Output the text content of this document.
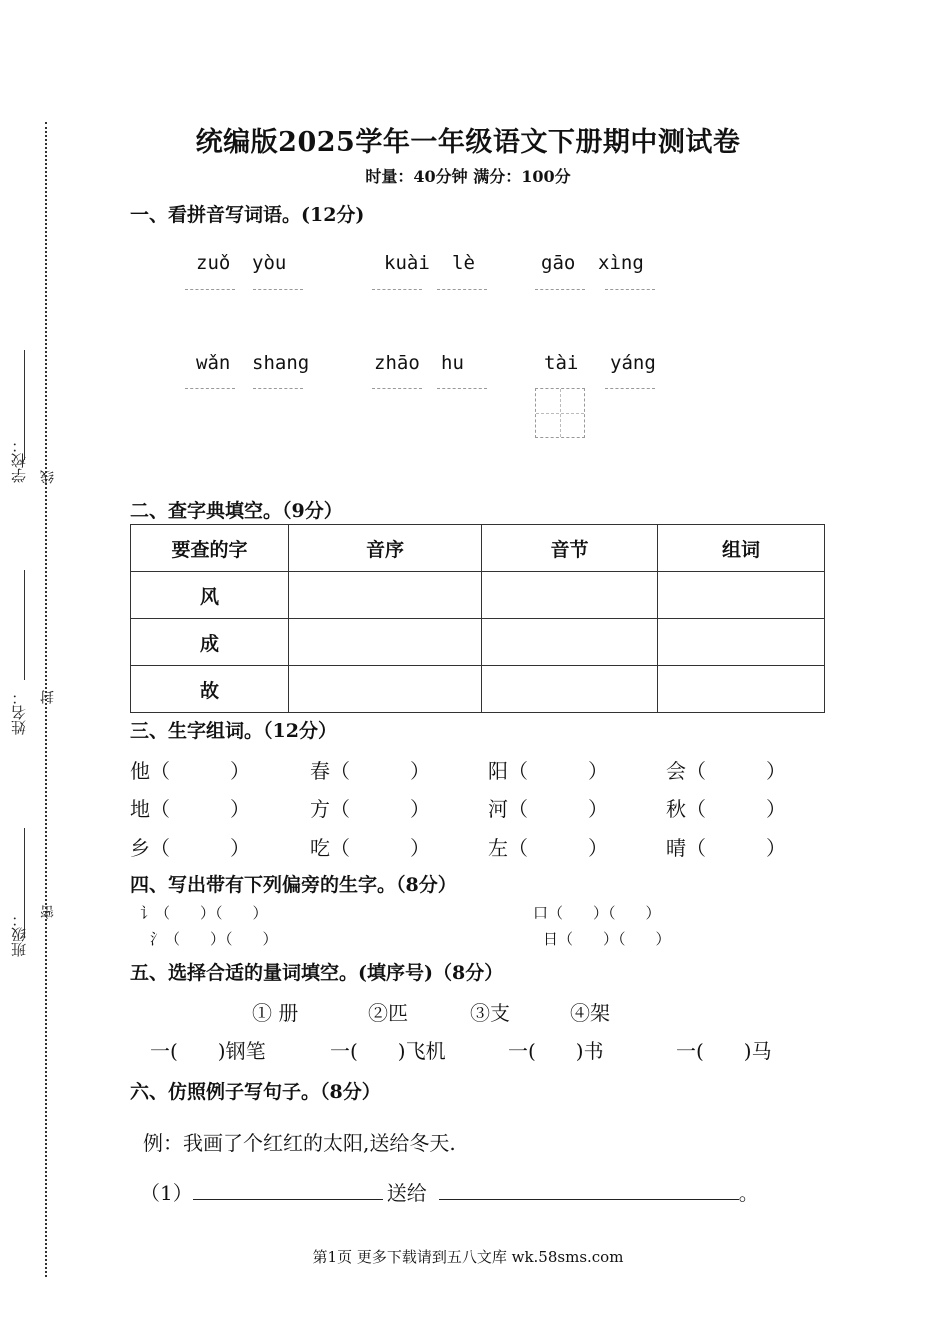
学校： 线
姓名： 封
班级： 密
统编版2025学年一年级语文下册期中测试卷
时量：40分钟 满分：100分
一、看拼音写词语。(12分)
zuǒ yòu	kuài lè	gāo xìng
wǎn shang	zhāo hu	tài yáng
二、查字典填空。（9分）
要查的字	音序	音节	组词
风			
成			
故			
三、生字组词。（12分）
他（　　　）	春（　　　）	阳（　　　）	会（　　　）
地（　　　）	方（　　　）	河（　　　）	秋（　　　）
乡（　　　）	吃（　　　）	左（　　　）	晴（　　　）
四、写出带有下列偏旁的生字。（8分）
讠（　　）（　　）
氵（　　）（　　）
口（　　）（　　）
日（　　）（　　）
五、选择合适的量词填空。(填序号)（8分）
① 册	②匹	③支	④架
一(　　)钢笔	一(　　)飞机	一(　　)书	一(　　)马
六、仿照例子写句子。（8分）
例：我画了个红红的太阳,送给冬天.
（1）	送给	。
第1页 更多下载请到五八文库 wk.58sms.com
